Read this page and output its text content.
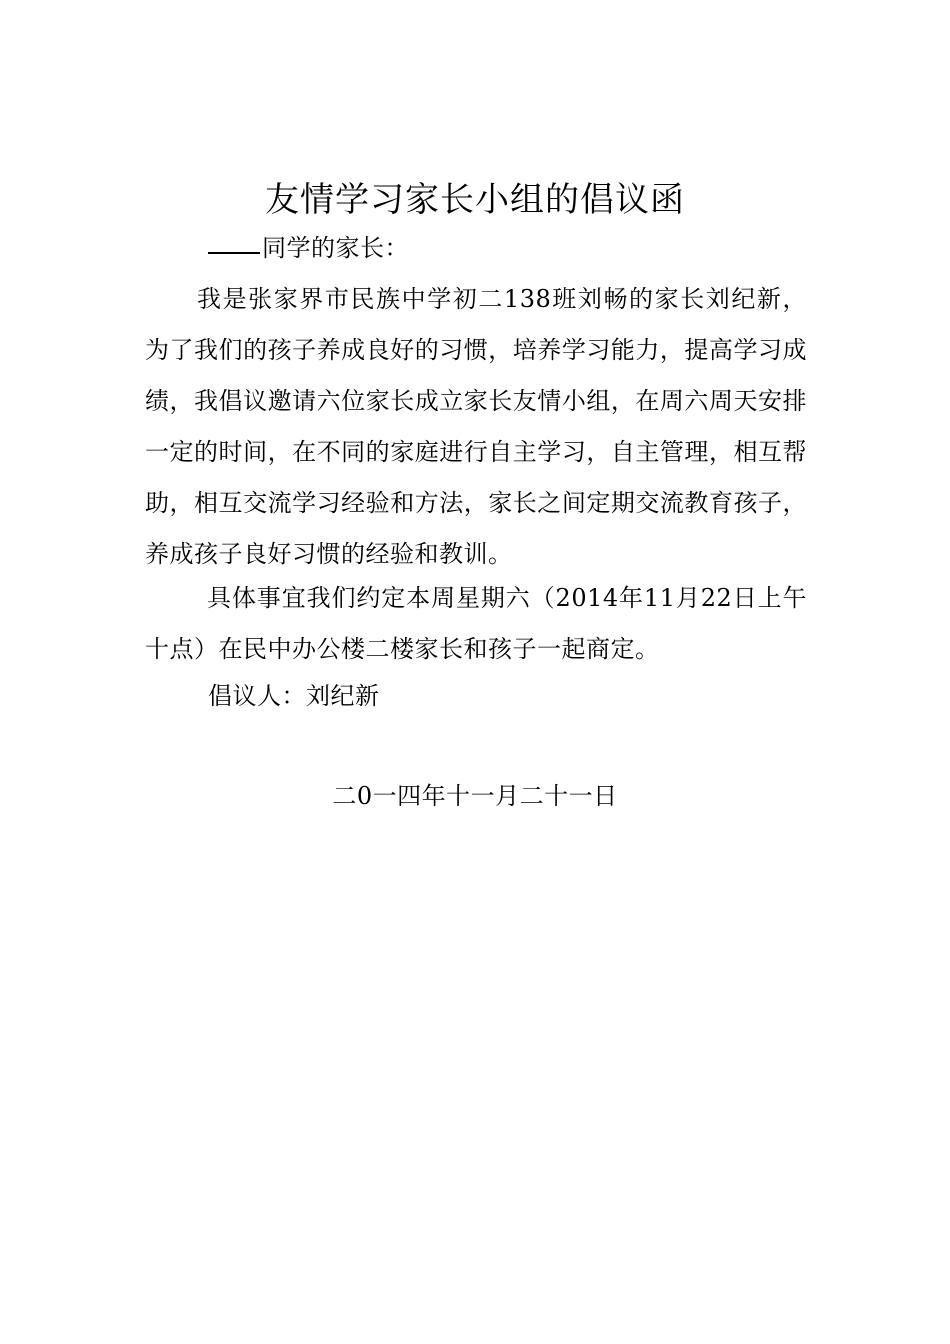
友情学习家长小组的倡议函

同学的家长：

我是张家界市民族中学初二138班刘畅的家长刘纪新，为了我们的孩子养成良好的习惯，培养学习能力，提高学习成绩，我倡议邀请六位家长成立家长友情小组，在周六周天安排一定的时间，在不同的家庭进行自主学习，自主管理，相互帮助，相互交流学习经验和方法，家长之间定期交流教育孩子，养成孩子良好习惯的经验和教训。

具体事宜我们约定本周星期六（2014年11月22日上午十点）在民中办公楼二楼家长和孩子一起商定。

倡议人：刘纪新

二0一四年十一月二十一日
